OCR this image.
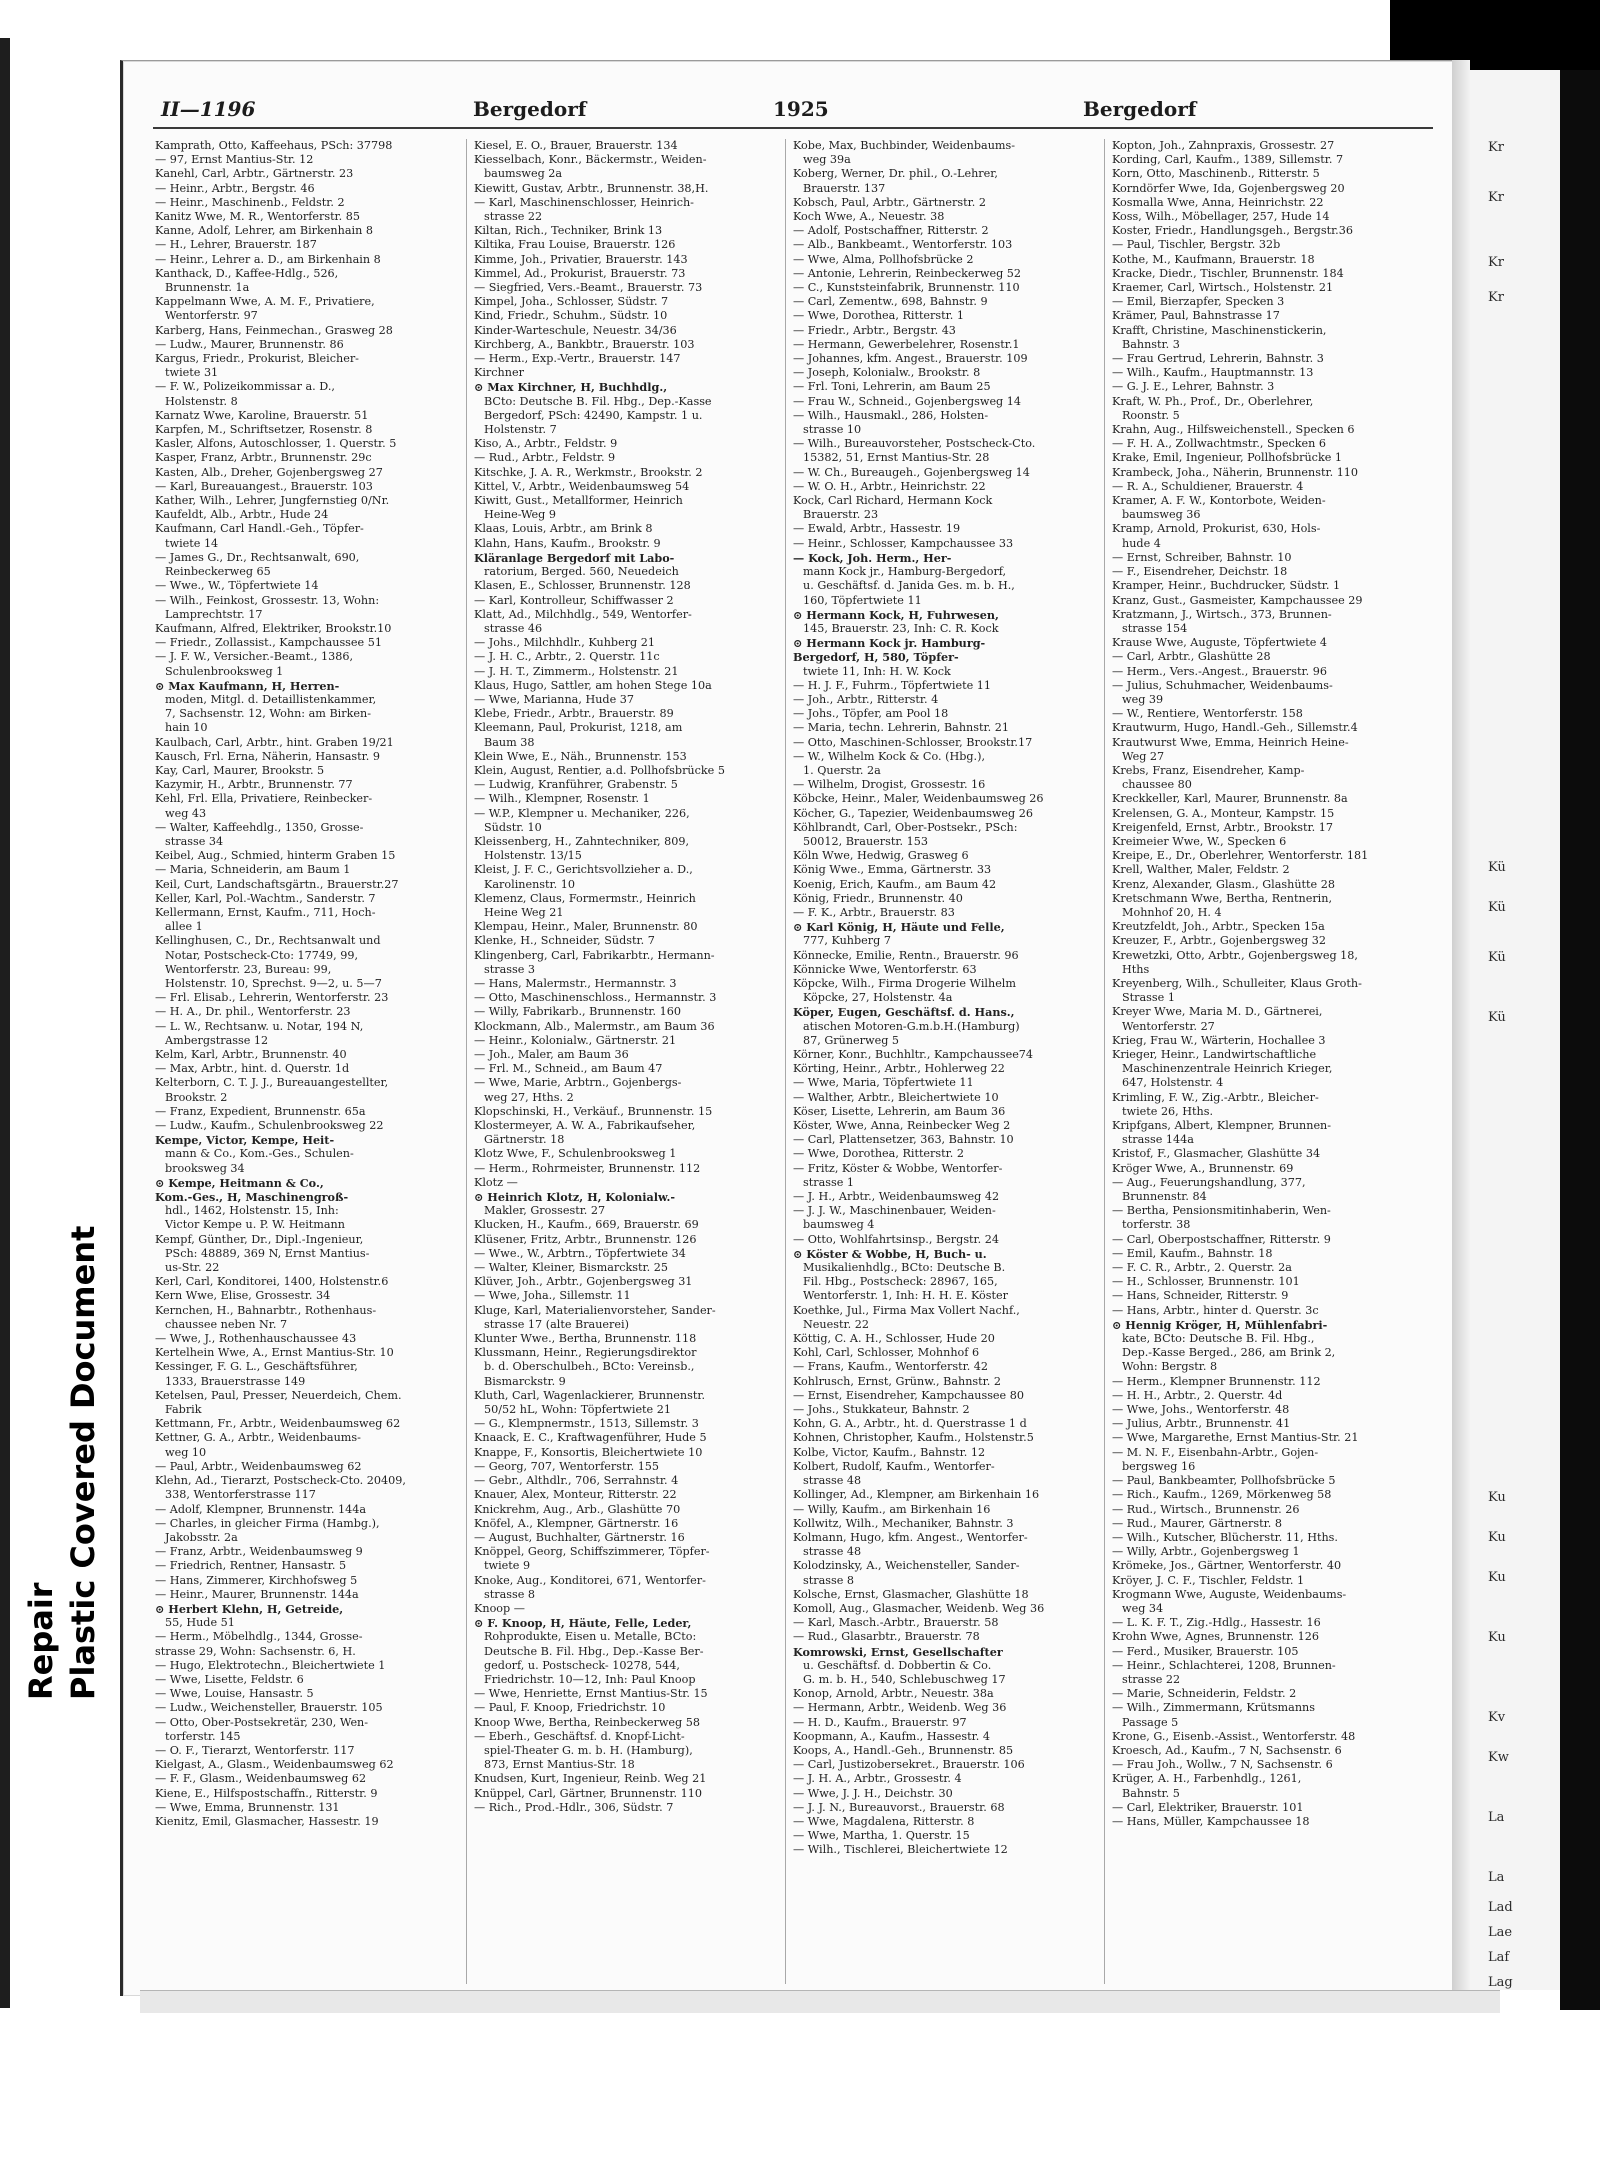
Repair Plastic Covered Document
II—1196	Bergedorf	1925	Bergedorf
Kamprath, Otto, Kaffeehaus, PSch: 37798
— 97, Ernst Mantius-Str. 12
Kanehl, Carl, Arbtr., Gärtnerstr. 23
— Heinr., Arbtr., Bergstr. 46
— Heinr., Maschinenb., Feldstr. 2
Kanitz Wwe, M. R., Wentorferstr. 85
Kanne, Adolf, Lehrer, am Birkenhain 8
— H., Lehrer, Brauerstr. 187
— Heinr., Lehrer a. D., am Birkenhain 8
Kanthack, D., Kaffee-Hdlg., 526,
Brunnenstr. 1a
Kappelmann Wwe, A. M. F., Privatiere,
Wentorferstr. 97
Karberg, Hans, Feinmechan., Grasweg 28
— Ludw., Maurer, Brunnenstr. 86
Kargus, Friedr., Prokurist, Bleicher-
twiete 31
— F. W., Polizeikommissar a. D.,
Holstenstr. 8
Karnatz Wwe, Karoline, Brauerstr. 51
Karpfen, M., Schriftsetzer, Rosenstr. 8
Kasler, Alfons, Autoschlosser, 1. Querstr. 5
Kasper, Franz, Arbtr., Brunnenstr. 29c
Kasten, Alb., Dreher, Gojenbergsweg 27
— Karl, Bureauangest., Brauerstr. 103
Kather, Wilh., Lehrer, Jungfernstieg 0/Nr.
Kaufeldt, Alb., Arbtr., Hude 24
Kaufmann, Carl Handl.-Geh., Töpfer-
twiete 14
— James G., Dr., Rechtsanwalt, 690,
Reinbeckerweg 65
— Wwe., W., Töpfertwiete 14
— Wilh., Feinkost, Grossestr. 13, Wohn:
Lamprechtstr. 17
Kaufmann, Alfred, Elektriker, Brookstr.10
— Friedr., Zollassist., Kampchaussee 51
— J. F. W., Versicher.-Beamt., 1386,
Schulenbrooksweg 1
⊙ Max Kaufmann, H, Herren-
moden, Mitgl. d. Detaillistenkammer,
7, Sachsenstr. 12, Wohn: am Birken-
hain 10
Kaulbach, Carl, Arbtr., hint. Graben 19/21
Kausch, Frl. Erna, Näherin, Hansastr. 9
Kay, Carl, Maurer, Brookstr. 5
Kazymir, H., Arbtr., Brunnenstr. 77
Kehl, Frl. Ella, Privatiere, Reinbecker-
weg 43
— Walter, Kaffeehdlg., 1350, Grosse-
strasse 34
Keibel, Aug., Schmied, hinterm Graben 15
— Maria, Schneiderin, am Baum 1
Keil, Curt, Landschaftsgärtn., Brauerstr.27
Keller, Karl, Pol.-Wachtm., Sanderstr. 7
Kellermann, Ernst, Kaufm., 711, Hoch-
allee 1
Kellinghusen, C., Dr., Rechtsanwalt und
Notar, Postscheck-Cto: 17749, 99,
Wentorferstr. 23, Bureau: 99,
Holstenstr. 10, Sprechst. 9—2, u. 5—7
— Frl. Elisab., Lehrerin, Wentorferstr. 23
— H. A., Dr. phil., Wentorferstr. 23
— L. W., Rechtsanw. u. Notar, 194 N,
Ambergstrasse 12
Kelm, Karl, Arbtr., Brunnenstr. 40
— Max, Arbtr., hint. d. Querstr. 1d
Kelterborn, C. T. J. J., Bureauangestellter,
Brookstr. 2
— Franz, Expedient, Brunnenstr. 65a
— Ludw., Kaufm., Schulenbrooksweg 22
Kempe, Victor, Kempe, Heit-
mann & Co., Kom.-Ges., Schulen-
brooksweg 34
⊙ Kempe, Heitmann & Co.,
Kom.-Ges., H, Maschinengroß-
hdl., 1462, Holstenstr. 15, Inh:
Victor Kempe u. P. W. Heitmann
Kempf, Günther, Dr., Dipl.-Ingenieur,
PSch: 48889, 369 N, Ernst Mantius-
us-Str. 22
Kerl, Carl, Konditorei, 1400, Holstenstr.6
Kern Wwe, Elise, Grossestr. 34
Kernchen, H., Bahnarbtr., Rothenhaus-
chaussee neben Nr. 7
— Wwe, J., Rothenhauschaussee 43
Kertelhein Wwe, A., Ernst Mantius-Str. 10
Kessinger, F. G. L., Geschäftsführer,
1333, Brauerstrasse 149
Ketelsen, Paul, Presser, Neuerdeich, Chem.
Fabrik
Kettmann, Fr., Arbtr., Weidenbaumsweg 62
Kettner, G. A., Arbtr., Weidenbaums-
weg 10
— Paul, Arbtr., Weidenbaumsweg 62
Klehn, Ad., Tierarzt, Postscheck-Cto. 20409,
338, Wentorferstrasse 117
— Adolf, Klempner, Brunnenstr. 144a
— Charles, in gleicher Firma (Hambg.),
Jakobsstr. 2a
— Franz, Arbtr., Weidenbaumsweg 9
— Friedrich, Rentner, Hansastr. 5
— Hans, Zimmerer, Kirchhofsweg 5
— Heinr., Maurer, Brunnenstr. 144a
⊙ Herbert Klehn, H, Getreide,
55, Hude 51
— Herm., Möbelhdlg., 1344, Grosse-
strasse 29, Wohn: Sachsenstr. 6, H.
— Hugo, Elektrotechn., Bleichertwiete 1
— Wwe, Lisette, Feldstr. 6
— Wwe, Louise, Hansastr. 5
— Ludw., Weichensteller, Brauerstr. 105
— Otto, Ober-Postsekretär, 230, Wen-
torferstr. 145
— O. F., Tierarzt, Wentorferstr. 117
Kielgast, A., Glasm., Weidenbaumsweg 62
— F. F., Glasm., Weidenbaumsweg 62
Kiene, E., Hilfspostschaffn., Ritterstr. 9
— Wwe, Emma, Brunnenstr. 131
Kienitz, Emil, Glasmacher, Hassestr. 19
Kiesel, E. O., Brauer, Brauerstr. 134
Kiesselbach, Konr., Bäckermstr., Weiden-
baumsweg 2a
Kiewitt, Gustav, Arbtr., Brunnenstr. 38,H.
— Karl, Maschinenschlosser, Heinrich-
strasse 22
Kiltan, Rich., Techniker, Brink 13
Kiltika, Frau Louise, Brauerstr. 126
Kimme, Joh., Privatier, Brauerstr. 143
Kimmel, Ad., Prokurist, Brauerstr. 73
— Siegfried, Vers.-Beamt., Brauerstr. 73
Kimpel, Joha., Schlosser, Südstr. 7
Kind, Friedr., Schuhm., Südstr. 10
Kinder-Warteschule, Neuestr. 34/36
Kirchberg, A., Bankbtr., Brauerstr. 103
— Herm., Exp.-Vertr., Brauerstr. 147
Kirchner
⊙ Max Kirchner, H, Buchhdlg.,
BCto: Deutsche B. Fil. Hbg., Dep.-Kasse
Bergedorf, PSch: 42490, Kampstr. 1 u.
Holstenstr. 7
Kiso, A., Arbtr., Feldstr. 9
— Rud., Arbtr., Feldstr. 9
Kitschke, J. A. R., Werkmstr., Brookstr. 2
Kittel, V., Arbtr., Weidenbaumsweg 54
Kiwitt, Gust., Metallformer, Heinrich
Heine-Weg 9
Klaas, Louis, Arbtr., am Brink 8
Klahn, Hans, Kaufm., Brookstr. 9
Kläranlage Bergedorf mit Labo-
ratorium, Berged. 560, Neuedeich
Klasen, E., Schlosser, Brunnenstr. 128
— Karl, Kontrolleur, Schiffwasser 2
Klatt, Ad., Milchhdlg., 549, Wentorfer-
strasse 46
— Johs., Milchhdlr., Kuhberg 21
— J. H. C., Arbtr., 2. Querstr. 11c
— J. H. T., Zimmerm., Holstenstr. 21
Klaus, Hugo, Sattler, am hohen Stege 10a
— Wwe, Marianna, Hude 37
Klebe, Friedr., Arbtr., Brauerstr. 89
Kleemann, Paul, Prokurist, 1218, am
Baum 38
Klein Wwe, E., Näh., Brunnenstr. 153
Klein, August, Rentier, a.d. Pollhofsbrücke 5
— Ludwig, Kranführer, Grabenstr. 5
— Wilh., Klempner, Rosenstr. 1
— W.P., Klempner u. Mechaniker, 226,
Südstr. 10
Kleissenberg, H., Zahntechniker, 809,
Holstenstr. 13/15
Kleist, J. F. C., Gerichtsvollzieher a. D.,
Karolinenstr. 10
Klemenz, Claus, Formermstr., Heinrich
Heine Weg 21
Klempau, Heinr., Maler, Brunnenstr. 80
Klenke, H., Schneider, Südstr. 7
Klingenberg, Carl, Fabrikarbtr., Hermann-
strasse 3
— Hans, Malermstr., Hermannstr. 3
— Otto, Maschinenschloss., Hermannstr. 3
— Willy, Fabrikarb., Brunnenstr. 160
Klockmann, Alb., Malermstr., am Baum 36
— Heinr., Kolonialw., Gärtnerstr. 21
— Joh., Maler, am Baum 36
— Frl. M., Schneid., am Baum 47
— Wwe, Marie, Arbtrn., Gojenbergs-
weg 27, Hths. 2
Klopschinski, H., Verkäuf., Brunnenstr. 15
Klostermeyer, A. W. A., Fabrikaufseher,
Gärtnerstr. 18
Klotz Wwe, F., Schulenbrooksweg 1
— Herm., Rohrmeister, Brunnenstr. 112
Klotz —
⊙ Heinrich Klotz, H, Kolonialw.-
Makler, Grossestr. 27
Klucken, H., Kaufm., 669, Brauerstr. 69
Klüsener, Fritz, Arbtr., Brunnenstr. 126
— Wwe., W., Arbtrn., Töpfertwiete 34
— Walter, Kleiner, Bismarckstr. 25
Klüver, Joh., Arbtr., Gojenbergsweg 31
— Wwe, Joha., Sillemstr. 11
Kluge, Karl, Materialienvorsteher, Sander-
strasse 17 (alte Brauerei)
Klunter Wwe., Bertha, Brunnenstr. 118
Klussmann, Heinr., Regierungsdirektor
b. d. Oberschulbeh., BCto: Vereinsb.,
Bismarckstr. 9
Kluth, Carl, Wagenlackierer, Brunnenstr.
50/52 hL, Wohn: Töpfertwiete 21
— G., Klempnermstr., 1513, Sillemstr. 3
Knaack, E. C., Kraftwagenführer, Hude 5
Knappe, F., Konsortis, Bleichertwiete 10
— Georg, 707, Wentorferstr. 155
— Gebr., Althdlr., 706, Serrahnstr. 4
Knauer, Alex, Monteur, Ritterstr. 22
Knickrehm, Aug., Arb., Glashütte 70
Knöfel, A., Klempner, Gärtnerstr. 16
— August, Buchhalter, Gärtnerstr. 16
Knöppel, Georg, Schiffszimmerer, Töpfer-
twiete 9
Knoke, Aug., Konditorei, 671, Wentorfer-
strasse 8
Knoop —
⊙ F. Knoop, H, Häute, Felle, Leder,
Rohprodukte, Eisen u. Metalle, BCto:
Deutsche B. Fil. Hbg., Dep.-Kasse Ber-
gedorf, u. Postscheck- 10278, 544,
Friedrichstr. 10—12, Inh: Paul Knoop
— Wwe, Henriette, Ernst Mantius-Str. 15
— Paul, F. Knoop, Friedrichstr. 10
Knoop Wwe, Bertha, Reinbeckerweg 58
— Eberh., Geschäftsf. d. Knopf-Licht-
spiel-Theater G. m. b. H. (Hamburg),
873, Ernst Mantius-Str. 18
Knudsen, Kurt, Ingenieur, Reinb. Weg 21
Knüppel, Carl, Gärtner, Brunnenstr. 110
— Rich., Prod.-Hdlr., 306, Südstr. 7
Kobe, Max, Buchbinder, Weidenbaums-
weg 39a
Koberg, Werner, Dr. phil., O.-Lehrer,
Brauerstr. 137
Kobsch, Paul, Arbtr., Gärtnerstr. 2
Koch Wwe, A., Neuestr. 38
— Adolf, Postschaffner, Ritterstr. 2
— Alb., Bankbeamt., Wentorferstr. 103
— Wwe, Alma, Pollhofsbrücke 2
— Antonie, Lehrerin, Reinbeckerweg 52
— C., Kunststeinfabrik, Brunnenstr. 110
— Carl, Zementw., 698, Bahnstr. 9
— Wwe, Dorothea, Ritterstr. 1
— Friedr., Arbtr., Bergstr. 43
— Hermann, Gewerbelehrer, Rosenstr.1
— Johannes, kfm. Angest., Brauerstr. 109
— Joseph, Kolonialw., Brookstr. 8
— Frl. Toni, Lehrerin, am Baum 25
— Frau W., Schneid., Gojenbergsweg 14
— Wilh., Hausmakl., 286, Holsten-
strasse 10
— Wilh., Bureauvorsteher, Postscheck-Cto.
15382, 51, Ernst Mantius-Str. 28
— W. Ch., Bureaugeh., Gojenbergsweg 14
— W. O. H., Arbtr., Heinrichstr. 22
Kock, Carl Richard, Hermann Kock
Brauerstr. 23
— Ewald, Arbtr., Hassestr. 19
— Heinr., Schlosser, Kampchaussee 33
— Kock, Joh. Herm., Her-
mann Kock jr., Hamburg-Bergedorf,
u. Geschäftsf. d. Janida Ges. m. b. H.,
160, Töpfertwiete 11
⊙ Hermann Kock, H, Fuhrwesen,
145, Brauerstr. 23, Inh: C. R. Kock
⊙ Hermann Kock jr. Hamburg-
Bergedorf, H, 580, Töpfer-
twiete 11, Inh: H. W. Kock
— H. J. F., Fuhrm., Töpfertwiete 11
— Joh., Arbtr., Ritterstr. 4
— Johs., Töpfer, am Pool 18
— Maria, techn. Lehrerin, Bahnstr. 21
— Otto, Maschinen-Schlosser, Brookstr.17
— W., Wilhelm Kock & Co. (Hbg.),
1. Querstr. 2a
— Wilhelm, Drogist, Grossestr. 16
Köbcke, Heinr., Maler, Weidenbaumsweg 26
Köcher, G., Tapezier, Weidenbaumsweg 26
Köhlbrandt, Carl, Ober-Postsekr., PSch:
50012, Brauerstr. 153
Köln Wwe, Hedwig, Grasweg 6
König Wwe., Emma, Gärtnerstr. 33
Koenig, Erich, Kaufm., am Baum 42
König, Friedr., Brunnenstr. 40
— F. K., Arbtr., Brauerstr. 83
⊙ Karl König, H, Häute und Felle,
777, Kuhberg 7
Könnecke, Emilie, Rentn., Brauerstr. 96
Könnicke Wwe, Wentorferstr. 63
Köpcke, Wilh., Firma Drogerie Wilhelm
Köpcke, 27, Holstenstr. 4a
Köper, Eugen, Geschäftsf. d. Hans.,
atischen Motoren-G.m.b.H.(Hamburg)
87, Grünerweg 5
Körner, Konr., Buchhltr., Kampchaussee74
Körting, Heinr., Arbtr., Hohlerweg 22
— Wwe, Maria, Töpfertwiete 11
— Walther, Arbtr., Bleichertwiete 10
Köser, Lisette, Lehrerin, am Baum 36
Köster, Wwe, Anna, Reinbecker Weg 2
— Carl, Plattensetzer, 363, Bahnstr. 10
— Wwe, Dorothea, Ritterstr. 2
— Fritz, Köster & Wobbe, Wentorfer-
strasse 1
— J. H., Arbtr., Weidenbaumsweg 42
— J. J. W., Maschinenbauer, Weiden-
baumsweg 4
— Otto, Wohlfahrtsinsp., Bergstr. 24
⊙ Köster & Wobbe, H, Buch- u.
Musikalienhdlg., BCto: Deutsche B.
Fil. Hbg., Postscheck: 28967, 165,
Wentorferstr. 1, Inh: H. H. E. Köster
Koethke, Jul., Firma Max Vollert Nachf.,
Neuestr. 22
Köttig, C. A. H., Schlosser, Hude 20
Kohl, Carl, Schlosser, Mohnhof 6
— Frans, Kaufm., Wentorferstr. 42
Kohlrusch, Ernst, Grünw., Bahnstr. 2
— Ernst, Eisendreher, Kampchaussee 80
— Johs., Stukkateur, Bahnstr. 2
Kohn, G. A., Arbtr., ht. d. Querstrasse 1 d
Kohnen, Christopher, Kaufm., Holstenstr.5
Kolbe, Victor, Kaufm., Bahnstr. 12
Kolbert, Rudolf, Kaufm., Wentorfer-
strasse 48
Kollinger, Ad., Klempner, am Birkenhain 16
— Willy, Kaufm., am Birkenhain 16
Kollwitz, Wilh., Mechaniker, Bahnstr. 3
Kolmann, Hugo, kfm. Angest., Wentorfer-
strasse 48
Kolodzinsky, A., Weichensteller, Sander-
strasse 8
Kolsche, Ernst, Glasmacher, Glashütte 18
Komoll, Aug., Glasmacher, Weidenb. Weg 36
— Karl, Masch.-Arbtr., Brauerstr. 58
— Rud., Glasarbtr., Brauerstr. 78
Komrowski, Ernst, Gesellschafter
u. Geschäftsf. d. Dobbertin & Co.
G. m. b. H., 540, Schlebuschweg 17
Konop, Arnold, Arbtr., Neuestr. 38a
— Hermann, Arbtr., Weidenb. Weg 36
— H. D., Kaufm., Brauerstr. 97
Koopmann, A., Kaufm., Hassestr. 4
Koops, A., Handl.-Geh., Brunnenstr. 85
— Carl, Justizobersekret., Brauerstr. 106
— J. H. A., Arbtr., Grossestr. 4
— Wwe, J. J. H., Deichstr. 30
— J. J. N., Bureauvorst., Brauerstr. 68
— Wwe, Magdalena, Ritterstr. 8
— Wwe, Martha, 1. Querstr. 15
— Wilh., Tischlerei, Bleichertwiete 12
Kopton, Joh., Zahnpraxis, Grossestr. 27
Kording, Carl, Kaufm., 1389, Sillemstr. 7
Korn, Otto, Maschinenb., Ritterstr. 5
Korndörfer Wwe, Ida, Gojenbergsweg 20
Kosmalla Wwe, Anna, Heinrichstr. 22
Koss, Wilh., Möbellager, 257, Hude 14
Koster, Friedr., Handlungsgeh., Bergstr.36
— Paul, Tischler, Bergstr. 32b
Kothe, M., Kaufmann, Brauerstr. 18
Kracke, Diedr., Tischler, Brunnenstr. 184
Kraemer, Carl, Wirtsch., Holstenstr. 21
— Emil, Bierzapfer, Specken 3
Krämer, Paul, Bahnstrasse 17
Krafft, Christine, Maschinenstickerin,
Bahnstr. 3
— Frau Gertrud, Lehrerin, Bahnstr. 3
— Wilh., Kaufm., Hauptmannstr. 13
— G. J. E., Lehrer, Bahnstr. 3
Kraft, W. Ph., Prof., Dr., Oberlehrer,
Roonstr. 5
Krahn, Aug., Hilfsweichenstell., Specken 6
— F. H. A., Zollwachtmstr., Specken 6
Krake, Emil, Ingenieur, Pollhofsbrücke 1
Krambeck, Joha., Näherin, Brunnenstr. 110
— R. A., Schuldiener, Brauerstr. 4
Kramer, A. F. W., Kontorbote, Weiden-
baumsweg 36
Kramp, Arnold, Prokurist, 630, Hols-
hude 4
— Ernst, Schreiber, Bahnstr. 10
— F., Eisendreher, Deichstr. 18
Kramper, Heinr., Buchdrucker, Südstr. 1
Kranz, Gust., Gasmeister, Kampchaussee 29
Kratzmann, J., Wirtsch., 373, Brunnen-
strasse 154
Krause Wwe, Auguste, Töpfertwiete 4
— Carl, Arbtr., Glashütte 28
— Herm., Vers.-Angest., Brauerstr. 96
— Julius, Schuhmacher, Weidenbaums-
weg 39
— W., Rentiere, Wentorferstr. 158
Krautwurm, Hugo, Handl.-Geh., Sillemstr.4
Krautwurst Wwe, Emma, Heinrich Heine-
Weg 27
Krebs, Franz, Eisendreher, Kamp-
chaussee 80
Kreckkeller, Karl, Maurer, Brunnenstr. 8a
Krelensen, G. A., Monteur, Kampstr. 15
Kreigenfeld, Ernst, Arbtr., Brookstr. 17
Kreimeier Wwe, W., Specken 6
Kreipe, E., Dr., Oberlehrer, Wentorferstr. 181
Krell, Walther, Maler, Feldstr. 2
Krenz, Alexander, Glasm., Glashütte 28
Kretschmann Wwe, Bertha, Rentnerin,
Mohnhof 20, H. 4
Kreutzfeldt, Joh., Arbtr., Specken 15a
Kreuzer, F., Arbtr., Gojenbergsweg 32
Krewetzki, Otto, Arbtr., Gojenbergsweg 18,
Hths
Kreyenberg, Wilh., Schulleiter, Klaus Groth-
Strasse 1
Kreyer Wwe, Maria M. D., Gärtnerei,
Wentorferstr. 27
Krieg, Frau W., Wärterin, Hochallee 3
Krieger, Heinr., Landwirtschaftliche
Maschinenzentrale Heinrich Krieger,
647, Holstenstr. 4
Krimling, F. W., Zig.-Arbtr., Bleicher-
twiete 26, Hths.
Kripfgans, Albert, Klempner, Brunnen-
strasse 144a
Kristof, F., Glasmacher, Glashütte 34
Kröger Wwe, A., Brunnenstr. 69
— Aug., Feuerungshandlung, 377,
Brunnenstr. 84
— Bertha, Pensionsmitinhaberin, Wen-
torferstr. 38
— Carl, Oberpostschaffner, Ritterstr. 9
— Emil, Kaufm., Bahnstr. 18
— F. C. R., Arbtr., 2. Querstr. 2a
— H., Schlosser, Brunnenstr. 101
— Hans, Schneider, Ritterstr. 9
— Hans, Arbtr., hinter d. Querstr. 3c
⊙ Hennig Kröger, H, Mühlenfabri-
kate, BCto: Deutsche B. Fil. Hbg.,
Dep.-Kasse Berged., 286, am Brink 2,
Wohn: Bergstr. 8
— Herm., Klempner Brunnenstr. 112
— H. H., Arbtr., 2. Querstr. 4d
— Wwe, Johs., Wentorferstr. 48
— Julius, Arbtr., Brunnenstr. 41
— Wwe, Margarethe, Ernst Mantius-Str. 21
— M. N. F., Eisenbahn-Arbtr., Gojen-
bergsweg 16
— Paul, Bankbeamter, Pollhofsbrücke 5
— Rich., Kaufm., 1269, Mörkenweg 58
— Rud., Wirtsch., Brunnenstr. 26
— Rud., Maurer, Gärtnerstr. 8
— Wilh., Kutscher, Blücherstr. 11, Hths.
— Willy, Arbtr., Gojenbergsweg 1
Krömeke, Jos., Gärtner, Wentorferstr. 40
Kröyer, J. C. F., Tischler, Feldstr. 1
Krogmann Wwe, Auguste, Weidenbaums-
weg 34
— L. K. F. T., Zig.-Hdlg., Hassestr. 16
Krohn Wwe, Agnes, Brunnenstr. 126
— Ferd., Musiker, Brauerstr. 105
— Heinr., Schlachterei, 1208, Brunnen-
strasse 22
— Marie, Schneiderin, Feldstr. 2
— Wilh., Zimmermann, Krütsmanns
Passage 5
Krone, G., Eisenb.-Assist., Wentorferstr. 48
Kroesch, Ad., Kaufm., 7 N, Sachsenstr. 6
— Frau Joh., Wollw., 7 N, Sachsenstr. 6
Krüger, A. H., Farbenhdlg., 1261,
Bahnstr. 5
— Carl, Elektriker, Brauerstr. 101
— Hans, Müller, Kampchaussee 18
Kr
Kr
Kr
Kr
Kü
Kü
Kü
Kü
Ku
Ku
Ku
Ku
Kv
Kw
La
La
Lad
Lae
Laf
Lag
